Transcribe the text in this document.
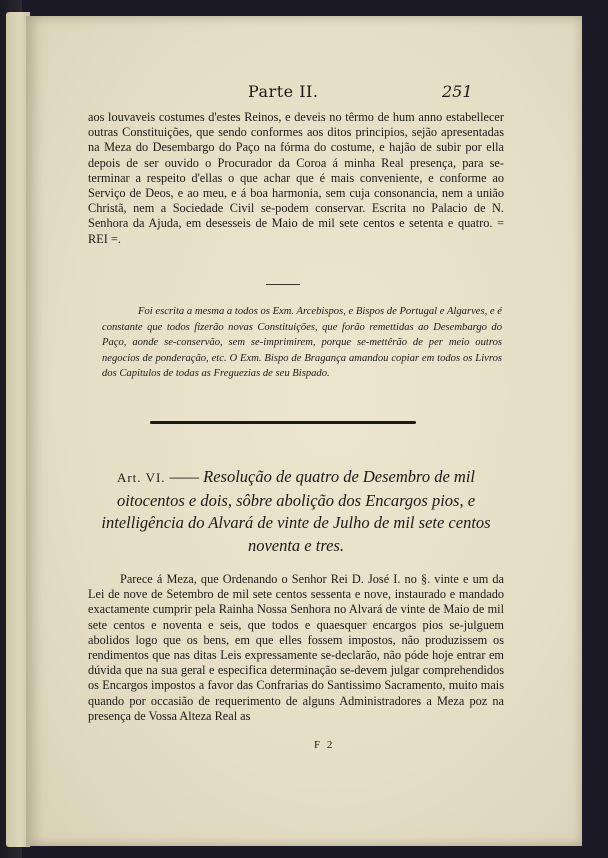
Parte II.	251
aos louvaveis costumes d'estes Reinos, e deveis no têrmo de hum anno estabellecer outras Constituições, que sendo conformes aos ditos principios, sejão apresentadas na Meza do Desembargo do Paço na fórma do costume, e hajão de subir por ella depois de ser ouvido o Procurador da Coroa á minha Real presença, para se-terminar a respeito d'ellas o que achar que é mais conveniente, e conforme ao Serviço de Deos, e ao meu, e á boa harmonia, sem cuja consonancia, nem a união Christã, nem a Sociedade Civil se-podem conservar. Escrita no Palacio de N. Senhora da Ajuda, em desesseis de Maio de mil sete centos e setenta e quatro. = REI =.
Foi escrita a mesma a todos os Exm. Arcebispos, e Bispos de Portugal e Algarves, e é constante que todos fizerão novas Constituições, que forão remettidas ao Desembargo do Paço, aonde se-conservão, sem se-imprimirem, porque se-mettêrão de per meio outros negocios de ponderação, etc. O Exm. Bispo de Bragança amandou copiar em todos os Livros dos Capitulos de todas as Freguezias de seu Bispado.
Art. VI. —— Resolução de quatro de Desembro de mil oitocentos e dois, sôbre abolição dos Encargos pios, e intelligência do Alvará de vinte de Julho de mil sete centos noventa e tres.
Parece á Meza, que Ordenando o Senhor Rei D. José I. no §. vinte e um da Lei de nove de Setembro de mil sete centos sessenta e nove, instaurado e mandado exactamente cumprir pela Rainha Nossa Senhora no Alvará de vinte de Maio de mil sete centos e noventa e seis, que todos e quaesquer encargos pios se-julguem abolidos logo que os bens, em que elles fossem impostos, não produzissem os rendimentos que nas ditas Leis expressamente se-declarão, não póde hoje entrar em dúvida que na sua geral e especifica determinação se-devem julgar comprehendidos os Encargos impostos a favor das Confrarias do Santissimo Sacramento, muito mais quando por occasião de requerimento de alguns Administradores a Meza poz na presença de Vossa Alteza Real as
F 2
